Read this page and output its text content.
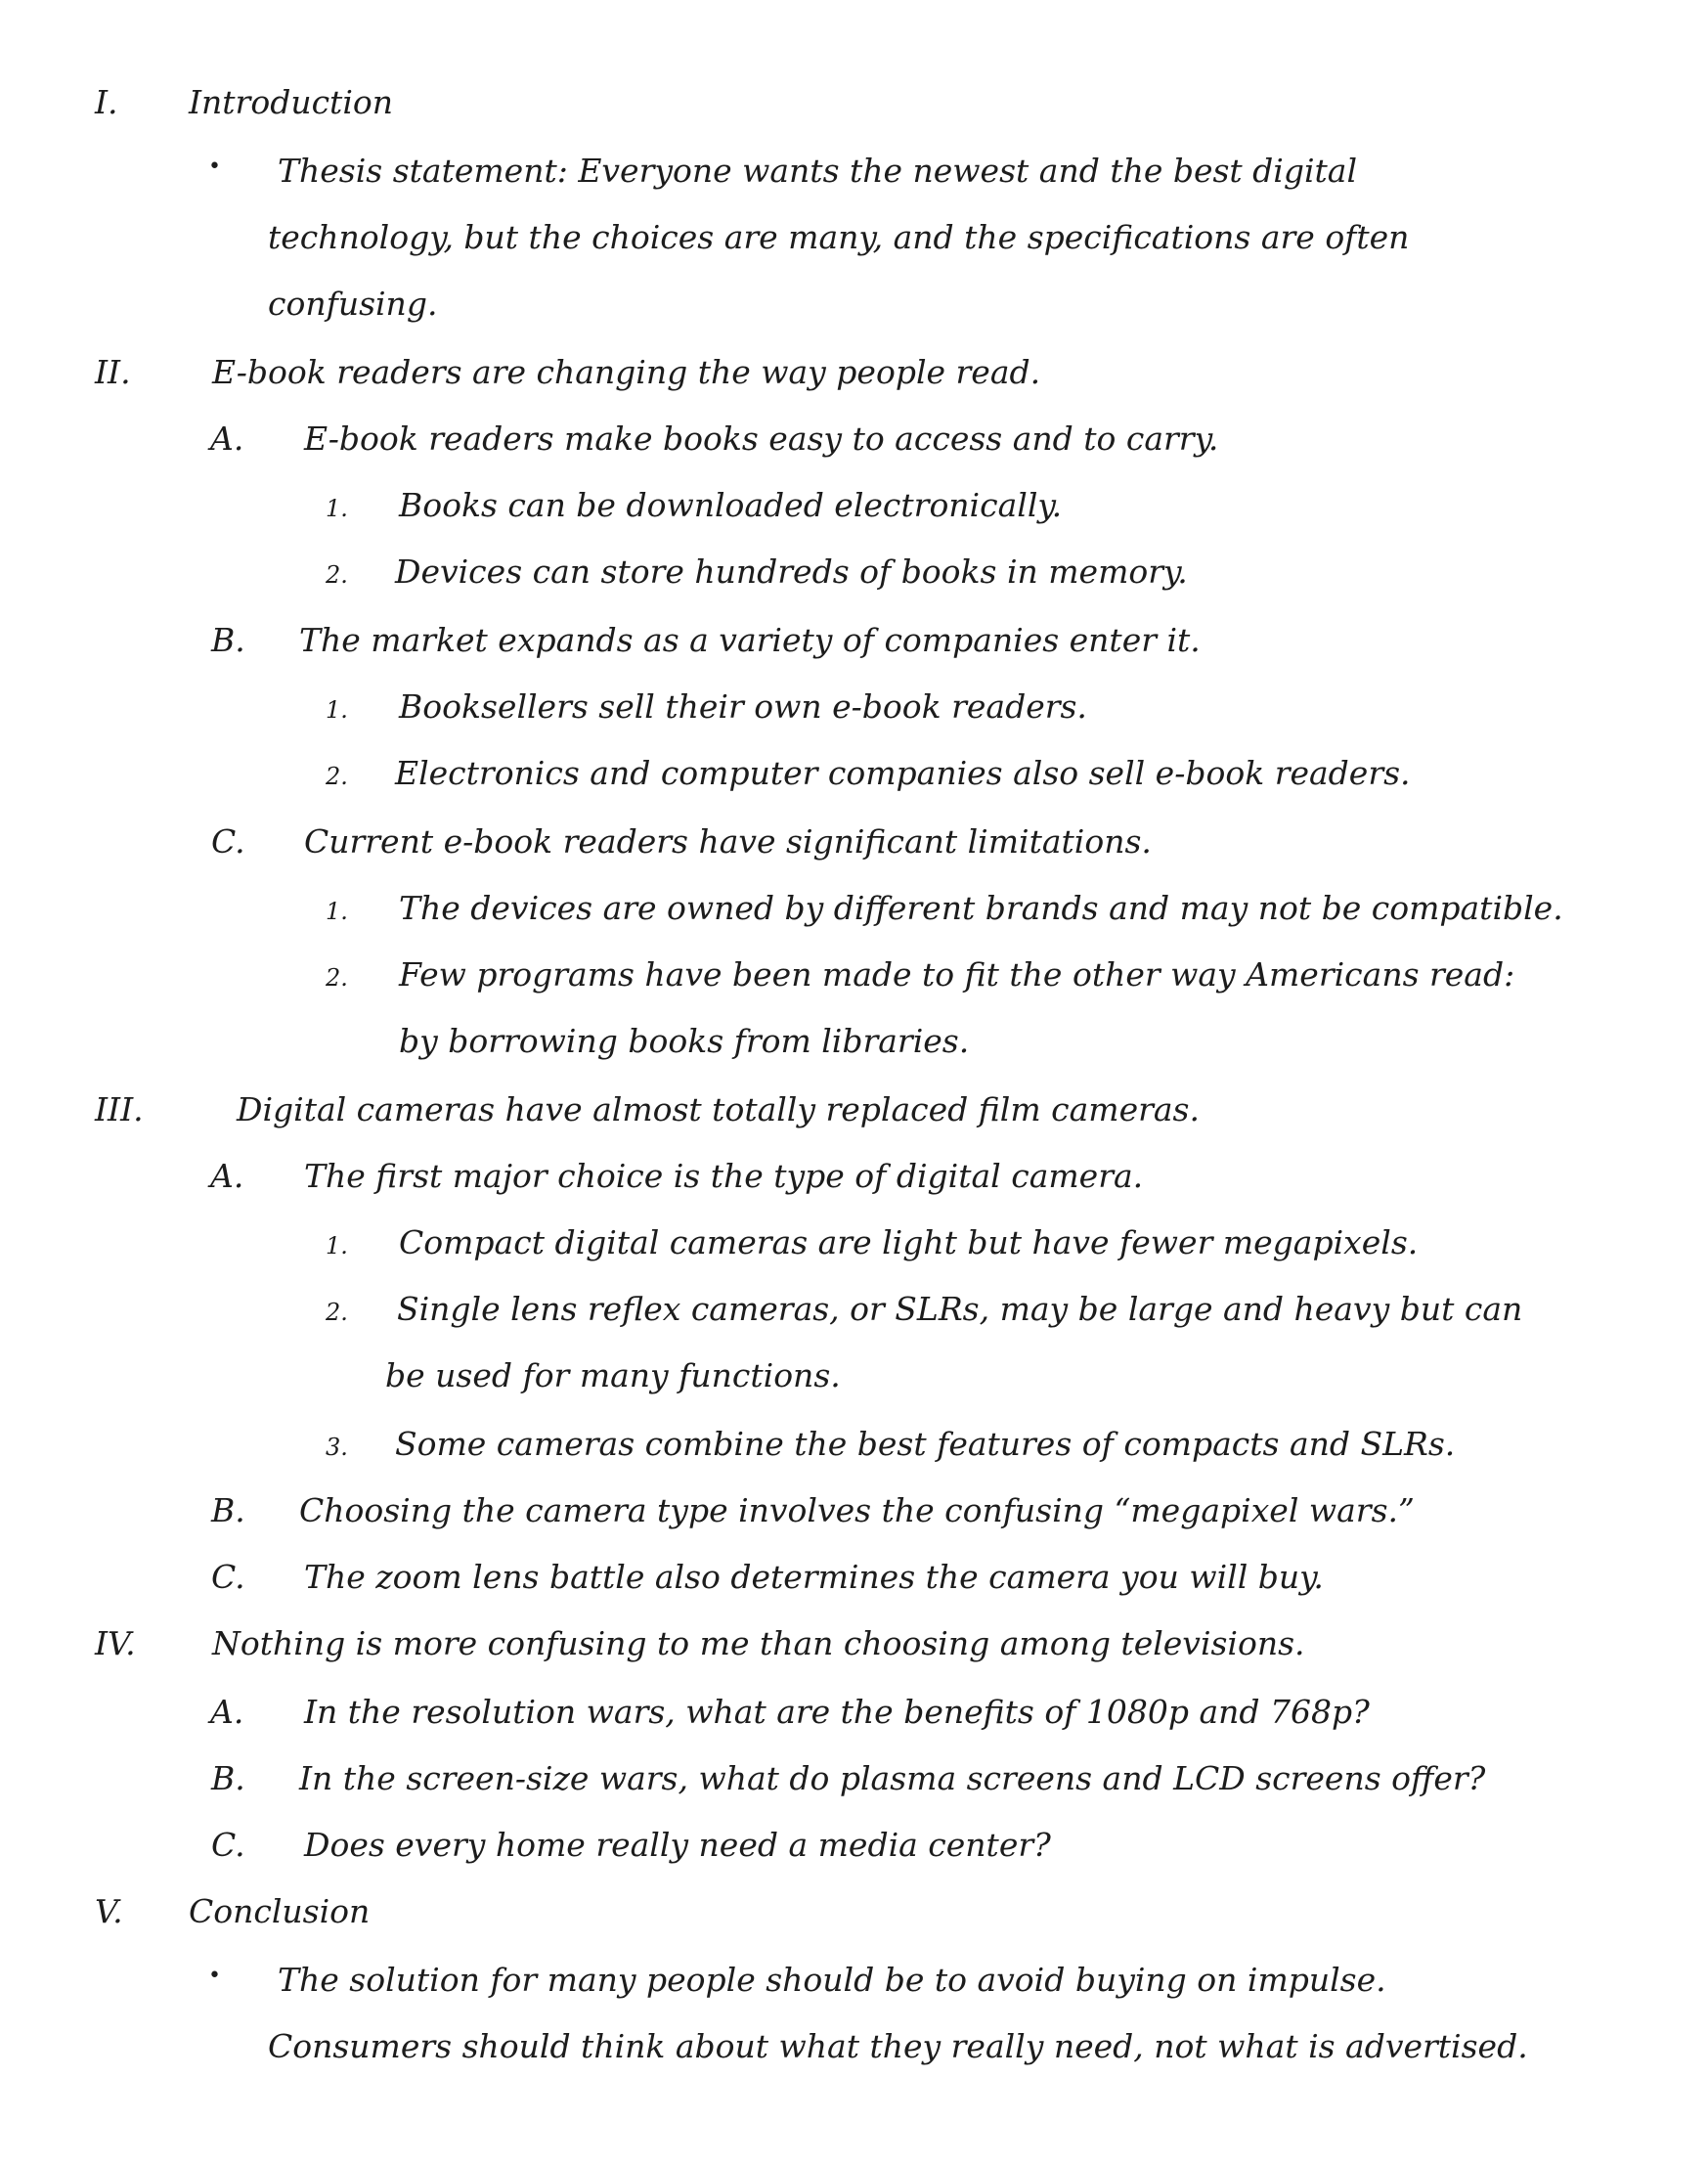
I. Introduction
• Thesis statement: Everyone wants the newest and the best digital
technology, but the choices are many, and the specifications are often
confusing.
II.	E-book readers are changing the way people read.
A. E-book readers make books easy to access and to carry.
1. Books can be downloaded electronically.
2. Devices can store hundreds of books in memory.
B. The market expands as a variety of companies enter it.
1. Booksellers sell their own e-book readers.
2. Electronics and computer companies also sell e-book readers.
C. Current e-book readers have significant limitations.
1. The devices are owned by different brands and may not be compatible.
2. Few programs have been made to fit the other way Americans read:
by borrowing books from libraries.
III.	Digital cameras have almost totally replaced film cameras.
A. The first major choice is the type of digital camera.
1. Compact digital cameras are light but have fewer megapixels.
2. Single lens reflex cameras, or SLRs, may be large and heavy but can
be used for many functions.
3. Some cameras combine the best features of compacts and SLRs.
B. Choosing the camera type involves the confusing “megapixel wars.”
C. The zoom lens battle also determines the camera you will buy.
IV. Nothing is more confusing to me than choosing among televisions.
A. In the resolution wars, what are the benefits of 1080p and 768p?
B. In the screen-size wars, what do plasma screens and LCD screens offer?
C. Does every home really need a media center?
V. Conclusion
• The solution for many people should be to avoid buying on impulse.
Consumers should think about what they really need, not what is advertised.
